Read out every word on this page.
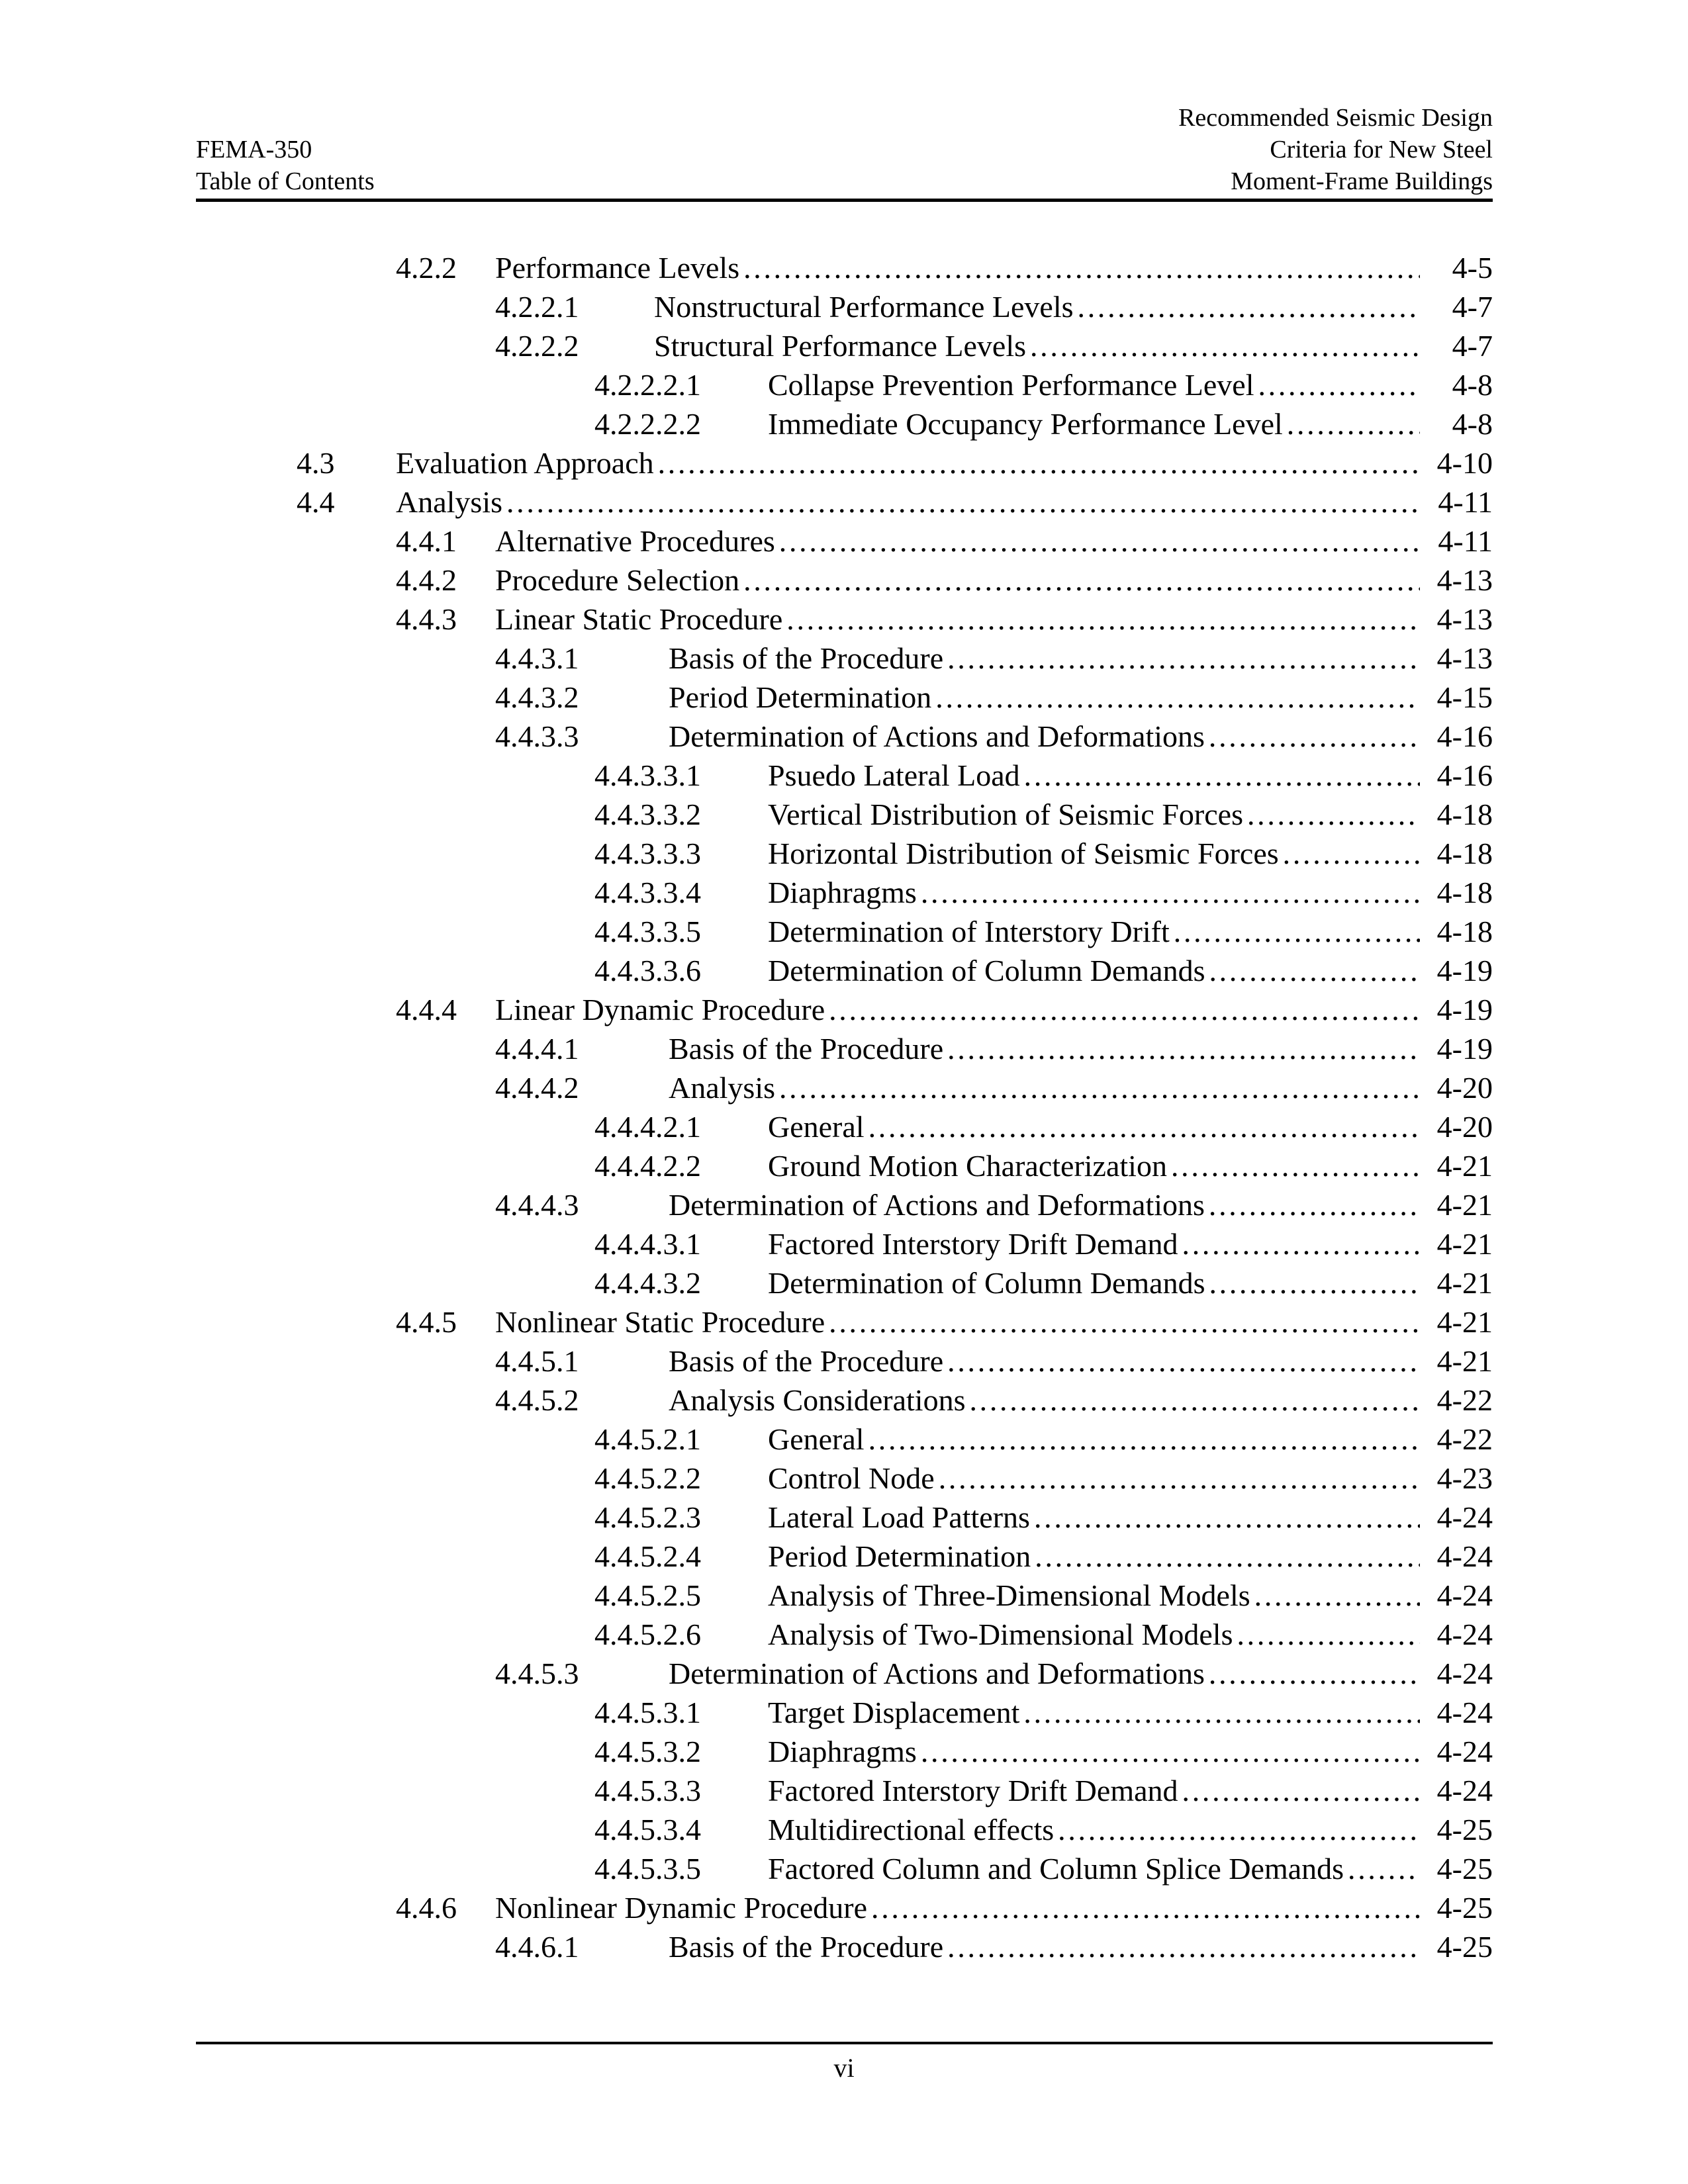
FEMA-350
Table of Contents
Recommended Seismic Design
Criteria for New Steel
Moment-Frame Buildings
4.2.2 Performance Levels .....	4-5
4.2.2.1 Nonstructural Performance Levels .....	4-7
4.2.2.2 Structural Performance Levels .....	4-7
4.2.2.2.1 Collapse Prevention Performance Level .....	4-8
4.2.2.2.2 Immediate Occupancy Performance Level .....	4-8
4.3 Evaluation Approach .....	4-10
4.4 Analysis .....	4-11
4.4.1 Alternative Procedures .....	4-11
4.4.2 Procedure Selection .....	4-13
4.4.3 Linear Static Procedure .....	4-13
4.4.3.1	Basis of the Procedure .....	4-13
4.4.3.2	Period Determination .....	4-15
4.4.3.3	Determination of Actions and Deformations .....	4-16
4.4.3.3.1 Psuedo Lateral Load .....	4-16
4.4.3.3.2 Vertical Distribution of Seismic Forces .....	4-18
4.4.3.3.3 Horizontal Distribution of Seismic Forces .....	4-18
4.4.3.3.4 Diaphragms .....	4-18
4.4.3.3.5 Determination of Interstory Drift .....	4-18
4.4.3.3.6 Determination of Column Demands .....	4-19
4.4.4 Linear Dynamic Procedure .....	4-19
4.4.4.1	Basis of the Procedure .....	4-19
4.4.4.2	Analysis .....	4-20
4.4.4.2.1 General .....	4-20
4.4.4.2.2 Ground Motion Characterization .....	4-21
4.4.4.3	Determination of Actions and Deformations .....	4-21
4.4.4.3.1 Factored Interstory Drift Demand .....	4-21
4.4.4.3.2 Determination of Column Demands .....	4-21
4.4.5 Nonlinear Static Procedure .....	4-21
4.4.5.1	Basis of the Procedure .....	4-21
4.4.5.2	Analysis Considerations .....	4-22
4.4.5.2.1 General .....	4-22
4.4.5.2.2 Control Node .....	4-23
4.4.5.2.3 Lateral Load Patterns .....	4-24
4.4.5.2.4 Period Determination .....	4-24
4.4.5.2.5 Analysis of Three-Dimensional Models .....	4-24
4.4.5.2.6 Analysis of Two-Dimensional Models .....	4-24
4.4.5.3	Determination of Actions and Deformations .....	4-24
4.4.5.3.1 Target Displacement .....	4-24
4.4.5.3.2 Diaphragms .....	4-24
4.4.5.3.3 Factored Interstory Drift Demand .....	4-24
4.4.5.3.4 Multidirectional effects .....	4-25
4.4.5.3.5 Factored Column and Column Splice Demands .....	4-25
4.4.6 Nonlinear Dynamic Procedure .....	4-25
4.4.6.1	Basis of the Procedure .....	4-25
vi
